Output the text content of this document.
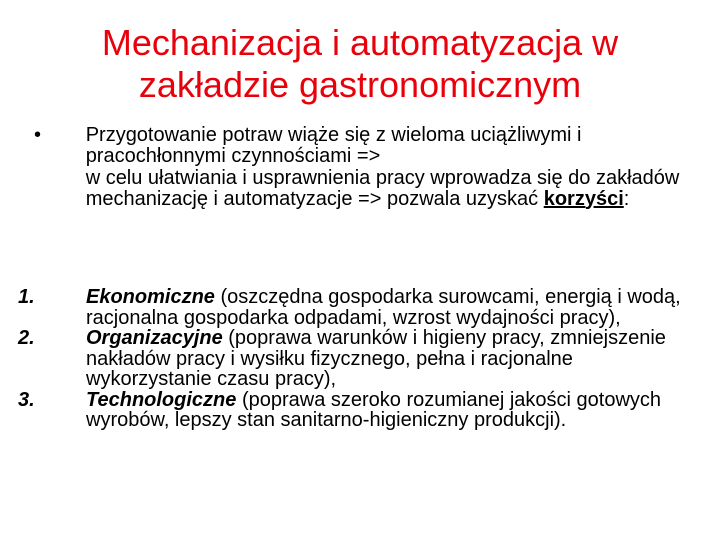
Mechanizacja i automatyzacja w zakładzie gastronomicznym
•	Przygotowanie potraw wiąże się z wieloma uciążliwymi i pracochłonnymi czynnościami =>

w celu ułatwiania i usprawnienia pracy wprowadza się do zakładów mechanizację i automatyzacje => pozwala uzyskać korzyści:

1.	Ekonomiczne (oszczędna gospodarka surowcami, energią i wodą, racjonalna gospodarka odpadami, wzrost wydajności pracy),
2.	Organizacyjne (poprawa warunków i higieny pracy, zmniejszenie nakładów pracy i wysiłku fizycznego, pełna i racjonalne wykorzystanie czasu pracy),
3.	Technologiczne (poprawa szeroko rozumianej jakości gotowych wyrobów, lepszy stan sanitarno-higieniczny produkcji).
